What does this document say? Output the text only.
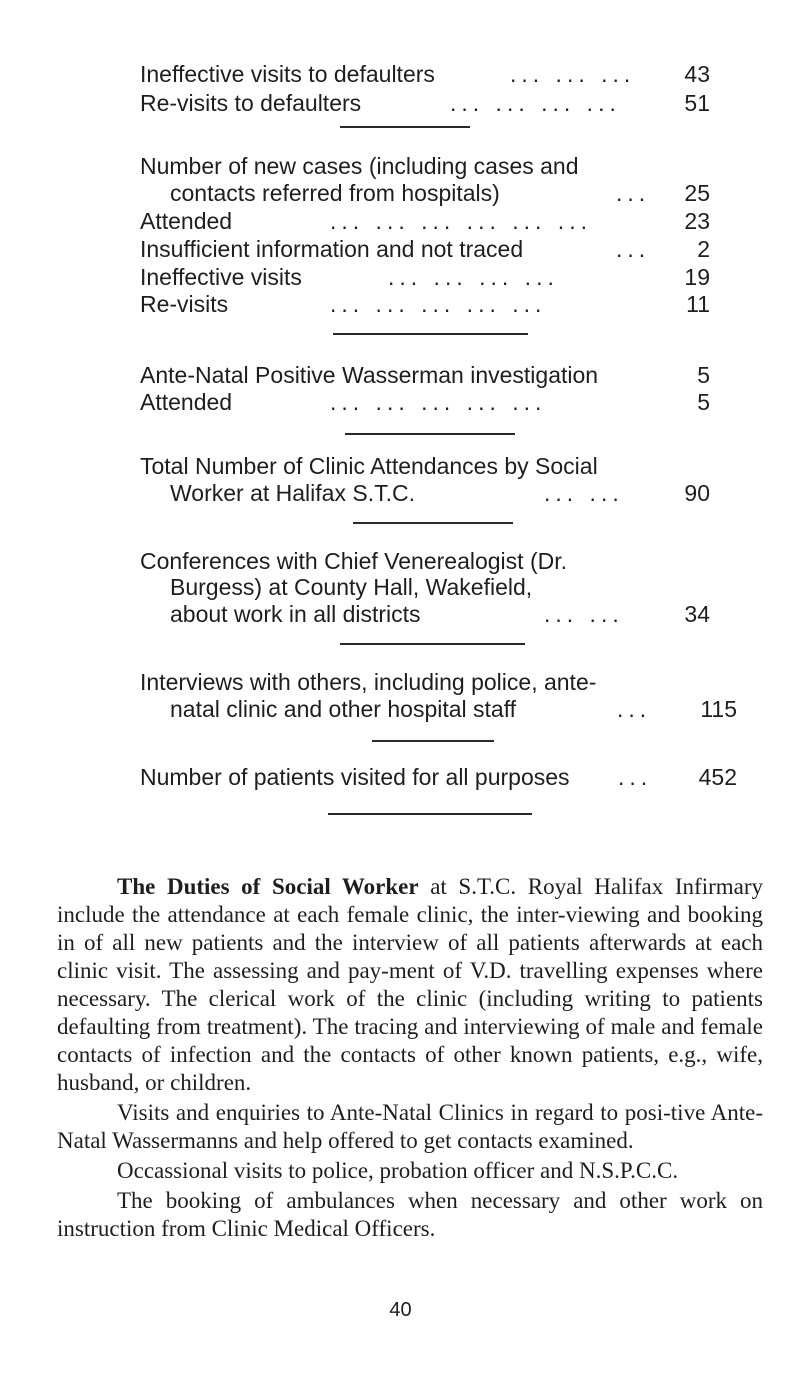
Ineffective visits to defaulters	... ... ...	43
Re-visits to defaulters	... ... ... ...	51
Number of new cases (including cases and
contacts referred from hospitals)	...	25
Attended	... ... ... ... ... ...	23
Insufficient information and not traced	...	2
Ineffective visits	... ... ... ...	19
Re-visits	... ... ... ... ...	11
Ante-Natal Positive Wasserman investigation	5
Attended	... ... ... ... ...	5
Total Number of Clinic Attendances by Social
Worker at Halifax S.T.C.	... ...	90
Conferences with Chief Venerealogist (Dr.
Burgess) at County Hall, Wakefield,
about work in all districts	... ...	34
Interviews with others, including police, ante-
natal clinic and other hospital staff	...	115
Number of patients visited for all purposes ...	452

The Duties of Social Worker at S.T.C. Royal Halifax Infirmary include the attendance at each female clinic, the inter-viewing and booking in of all new patients and the interview of all patients afterwards at each clinic visit. The assessing and pay-ment of V.D. travelling expenses where necessary. The clerical work of the clinic (including writing to patients defaulting from treatment). The tracing and interviewing of male and female contacts of infection and the contacts of other known patients, e.g., wife, husband, or children.

Visits and enquiries to Ante-Natal Clinics in regard to posi-tive Ante-Natal Wassermanns and help offered to get contacts examined.

Occassional visits to police, probation officer and N.S.P.C.C.

The booking of ambulances when necessary and other work on instruction from Clinic Medical Officers.

40
